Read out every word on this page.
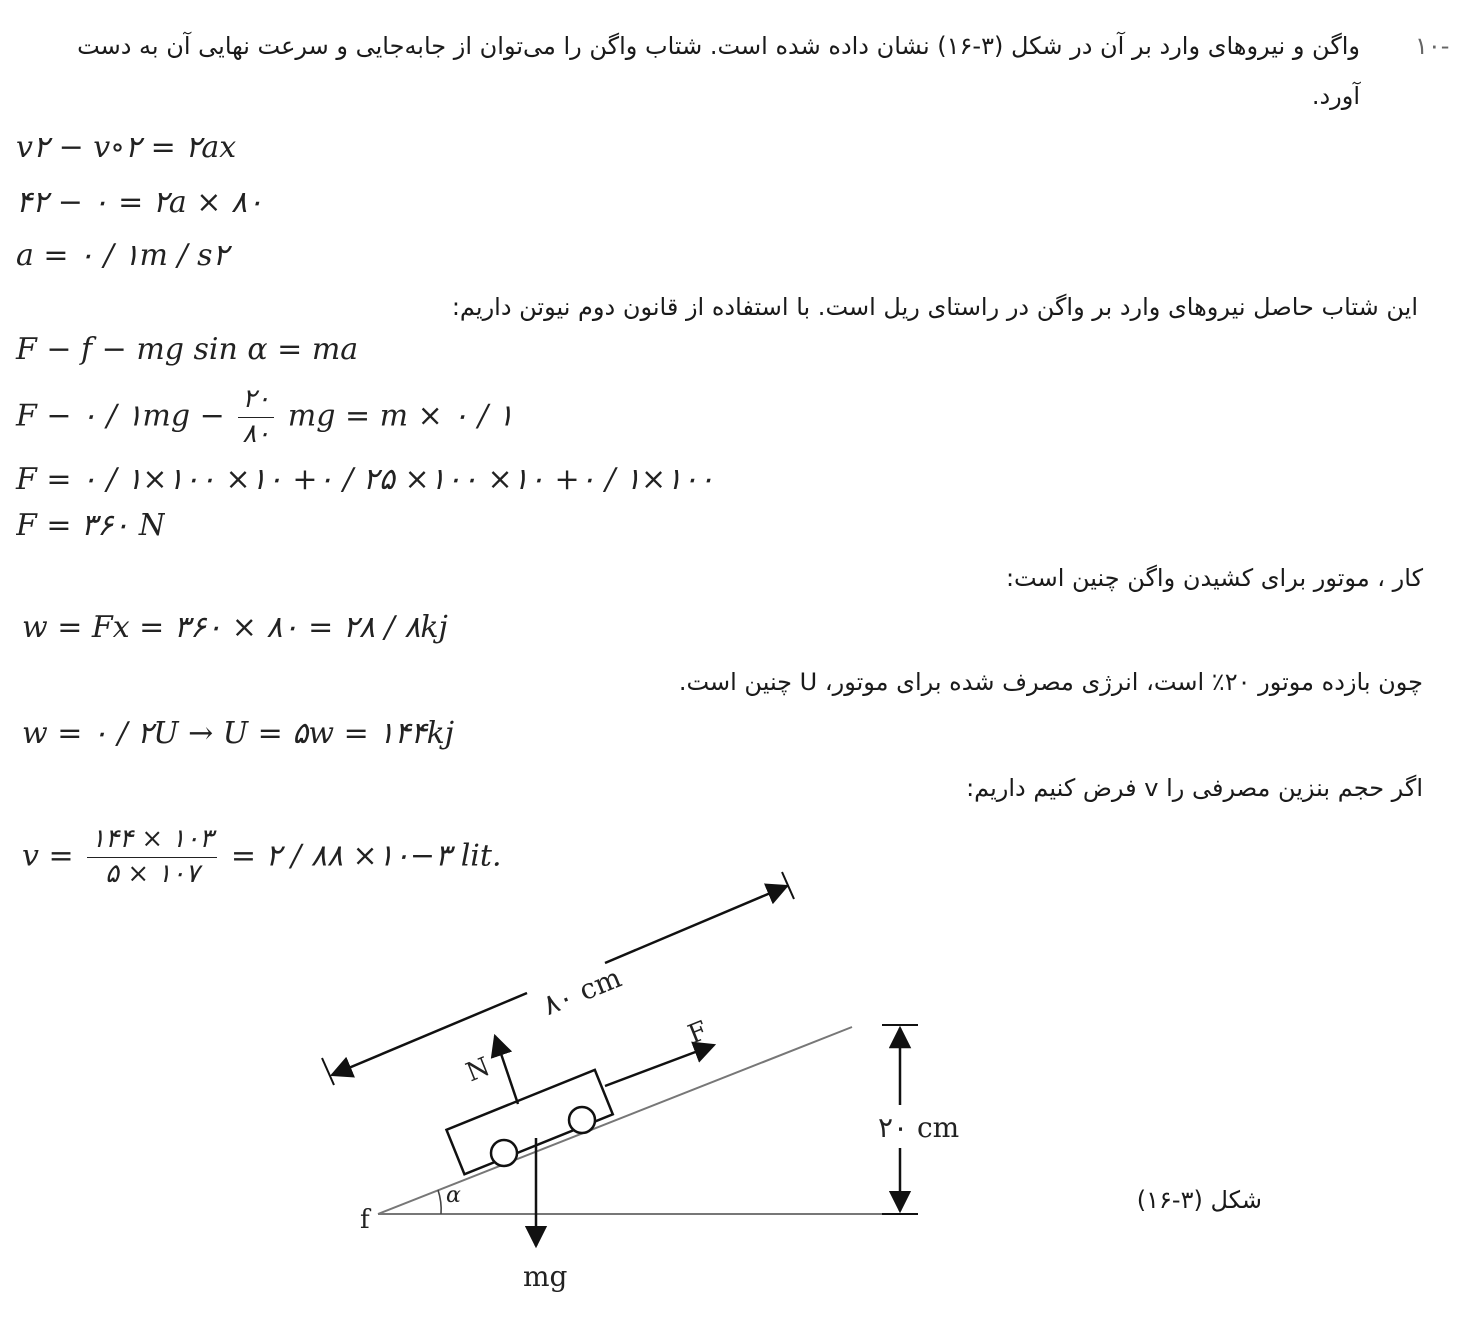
۱۰-
واگن و نیروهای وارد بر آن در شکل (۳-۱۶) نشان داده شده است. شتاب واگن را می‌توان از جابه‌جایی و سرعت نهایی آن به دست
آورد.
v۲ − v∘۲ = ۲ax
۴۲ − ۰ = ۲a × ۸۰
a = ۰ / ۱m / s۲
این شتاب حاصل نیروهای وارد بر واگن در راستای ریل است. با استفاده از قانون دوم نیوتن داریم:
F − f − mg sin α = ma
F − ۰ / ۱mg − $\frac{۲۰}{۸۰}$ mg = m × ۰ / ۱
F = ۰ / ۱×۱۰۰ ×۱۰ +۰ / ۲۵ ×۱۰۰ ×۱۰ +۰ / ۱×۱۰۰
F = ۳۶۰ N
کار ، موتور برای کشیدن واگن چنین است:
w = Fx = ۳۶۰ × ۸۰ = ۲۸ / ۸kj
چون بازده موتور ۲۰٪ است، انرژی مصرف شده برای موتور، U چنین است.
w = ۰ / ۲U → U = ۵w = ۱۴۴kj
اگر حجم بنزین مصرفی را v فرض کنیم داریم:
$v = \frac{۱۴۴ \times ۱۰۳}{۵ \times ۱۰۷}$ = ۲ / ۸۸ ×۱۰−۳ lit.
α
f
۸۰ cm
۲۰ cm
F
N
mg
شکل (۳-۱۶)
